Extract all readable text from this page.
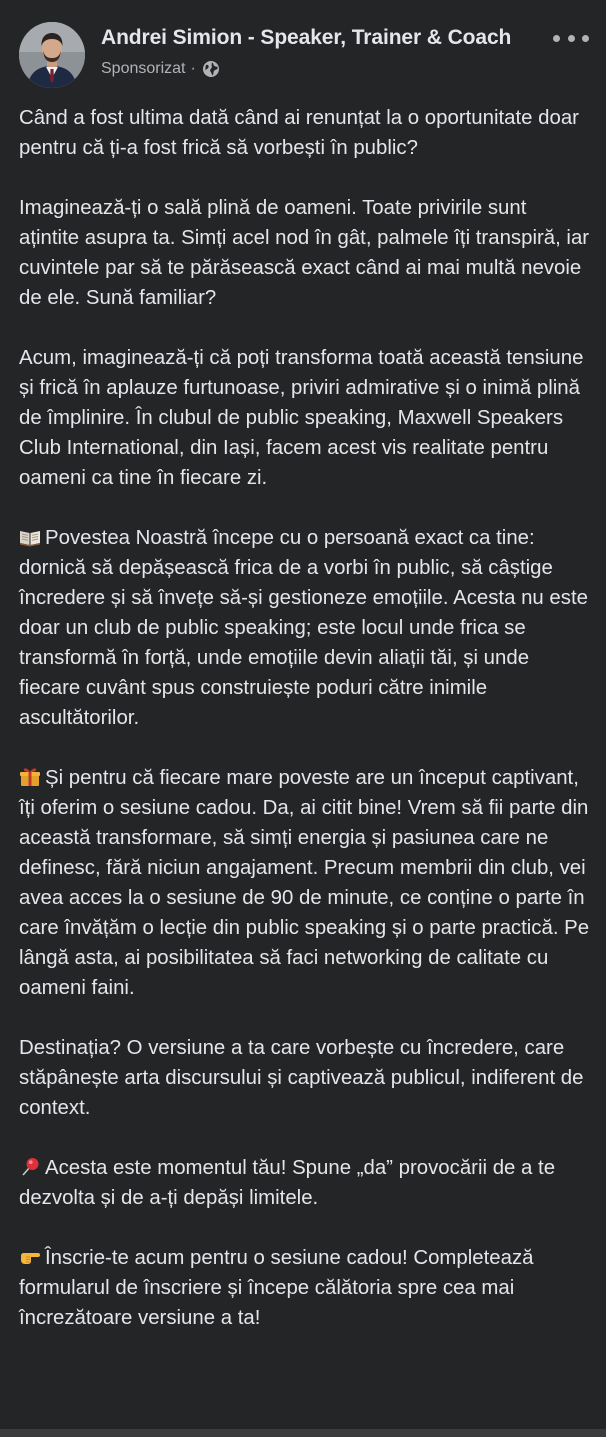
Andrei Simion - Speaker, Trainer & Coach
Sponsorizat ·

Când a fost ultima dată când ai renunțat la o oportunitate doar pentru că ți-a fost frică să vorbești în public?

Imaginează-ți o sală plină de oameni. Toate privirile sunt ațintite asupra ta. Simți acel nod în gât, palmele îți transpiră, iar cuvintele par să te părăsească exact când ai mai multă nevoie de ele. Sună familiar?

Acum, imaginează-ți că poți transforma toată această tensiune și frică în aplauze furtunoase, priviri admirative și o inimă plină de împlinire. În clubul de public speaking, Maxwell Speakers Club International, din Iași, facem acest vis realitate pentru oameni ca tine în fiecare zi.

Povestea Noastră începe cu o persoană exact ca tine: dornică să depășească frica de a vorbi în public, să câștige încredere și să învețe să-și gestioneze emoțiile. Acesta nu este doar un club de public speaking; este locul unde frica se transformă în forță, unde emoțiile devin aliații tăi, și unde fiecare cuvânt spus construiește poduri către inimile ascultătorilor.

Și pentru că fiecare mare poveste are un început captivant, îți oferim o sesiune cadou. Da, ai citit bine! Vrem să fii parte din această transformare, să simți energia și pasiunea care ne definesc, fără niciun angajament. Precum membrii din club, vei avea acces la o sesiune de 90 de minute, ce conține o parte în care învățăm o lecție din public speaking și o parte practică. Pe lângă asta, ai posibilitatea să faci networking de calitate cu oameni faini.

Destinația? O versiune a ta care vorbește cu încredere, care stăpânește arta discursului și captivează publicul, indiferent de context.

Acesta este momentul tău! Spune „da” provocării de a te dezvolta și de a-ți depăși limitele.

Înscrie-te acum pentru o sesiune cadou! Completează formularul de înscriere și începe călătoria spre cea mai încrezătoare versiune a ta!
